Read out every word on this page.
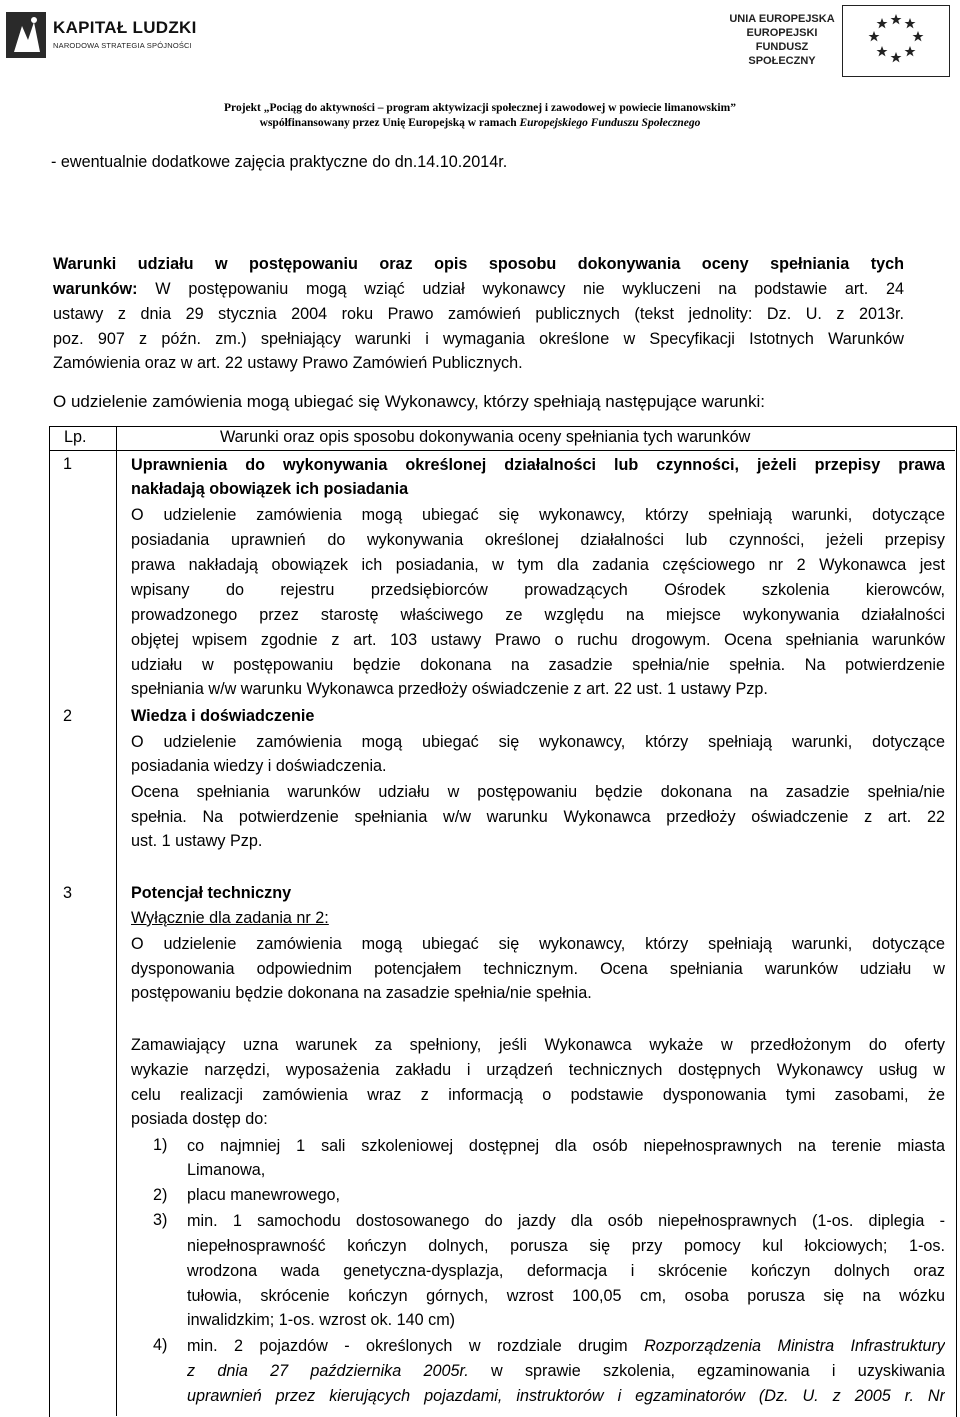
KAPITAŁ LUDZKI
NARODOWA STRATEGIA SPÓJNOŚCI
UNIA EUROPEJSKA
EUROPEJSKI
FUNDUSZ SPOŁECZNY
Projekt „Pociąg do aktywności – program aktywizacji społecznej i zawodowej w powiecie limanowskim”
współfinansowany przez Unię Europejską w ramach Europejskiego Funduszu Społecznego
- ewentualnie dodatkowe zajęcia praktyczne do dn.14.10.2014r.
Warunki udziału w postępowaniu oraz opis sposobu dokonywania oceny spełniania tych
warunków: W postępowaniu mogą wziąć udział wykonawcy nie wykluczeni na podstawie art. 24
ustawy z dnia 29 stycznia 2004 roku Prawo zamówień publicznych (tekst jednolity: Dz. U. z 2013r.
poz. 907 z późn. zm.) spełniający warunki i wymagania określone w Specyfikacji Istotnych Warunków
Zamówienia oraz w art. 22 ustawy Prawo Zamówień Publicznych.
O udzielenie zamówienia mogą ubiegać się Wykonawcy, którzy spełniają następujące warunki:
Lp.	Warunki oraz opis sposobu dokonywania oceny spełniania tych warunków
1	Uprawnienia do wykonywania określonej działalności lub czynności, jeżeli przepisy prawa
nakładają obowiązek ich posiadania
O udzielenie zamówienia mogą ubiegać się wykonawcy, którzy spełniają warunki, dotyczące
posiadania uprawnień do wykonywania określonej działalności lub czynności, jeżeli przepisy
prawa nakładają obowiązek ich posiadania, w tym dla zadania częściowego nr 2 Wykonawca jest
wpisany do rejestru przedsiębiorców prowadzących Ośrodek szkolenia kierowców,
prowadzonego przez starostę właściwego ze względu na miejsce wykonywania działalności
objętej wpisem zgodnie z art. 103 ustawy Prawo o ruchu drogowym. Ocena spełniania warunków
udziału w postępowaniu będzie dokonana na zasadzie spełnia/nie spełnia. Na potwierdzenie
spełniania w/w warunku Wykonawca przedłoży oświadczenie z art. 22 ust. 1 ustawy Pzp.
2	Wiedza i doświadczenie
O udzielenie zamówienia mogą ubiegać się wykonawcy, którzy spełniają warunki, dotyczące
posiadania wiedzy i doświadczenia.
Ocena spełniania warunków udziału w postępowaniu będzie dokonana na zasadzie spełnia/nie
spełnia. Na potwierdzenie spełniania w/w warunku Wykonawca przedłoży oświadczenie z art. 22
ust. 1 ustawy Pzp.
3	Potencjał techniczny
Wyłącznie dla zadania nr 2:
O udzielenie zamówienia mogą ubiegać się wykonawcy, którzy spełniają warunki, dotyczące
dysponowania odpowiednim potencjałem technicznym. Ocena spełniania warunków udziału w
postępowaniu będzie dokonana na zasadzie spełnia/nie spełnia.
Zamawiający uzna warunek za spełniony, jeśli Wykonawca wykaże w przedłożonym do oferty
wykazie narzędzi, wyposażenia zakładu i urządzeń technicznych dostępnych Wykonawcy usług w
celu realizacji zamówienia wraz z informacją o podstawie dysponowania tymi zasobami, że
posiada dostęp do:
1) co najmniej 1 sali szkoleniowej dostępnej dla osób niepełnosprawnych na terenie miasta
Limanowa,
2) placu manewrowego,
3) min. 1 samochodu dostosowanego do jazdy dla osób niepełnosprawnych (1-os. diplegia -
niepełnosprawność kończyn dolnych, porusza się przy pomocy kul łokciowych; 1-os.
wrodzona wada genetyczna-dysplazja, deformacja i skrócenie kończyn dolnych oraz
tułowia, skrócenie kończyn górnych, wzrost 100,05 cm, osoba porusza się na wózku
inwalidzkim; 1-os. wzrost ok. 140 cm)
4) min. 2 pojazdów - określonych w rozdziale drugim Rozporządzenia Ministra Infrastruktury
z dnia 27 października 2005r. w sprawie szkolenia, egzaminowania i uzyskiwania
uprawnień przez kierujących pojazdami, instruktorów i egzaminatorów (Dz. U. z 2005 r. Nr
